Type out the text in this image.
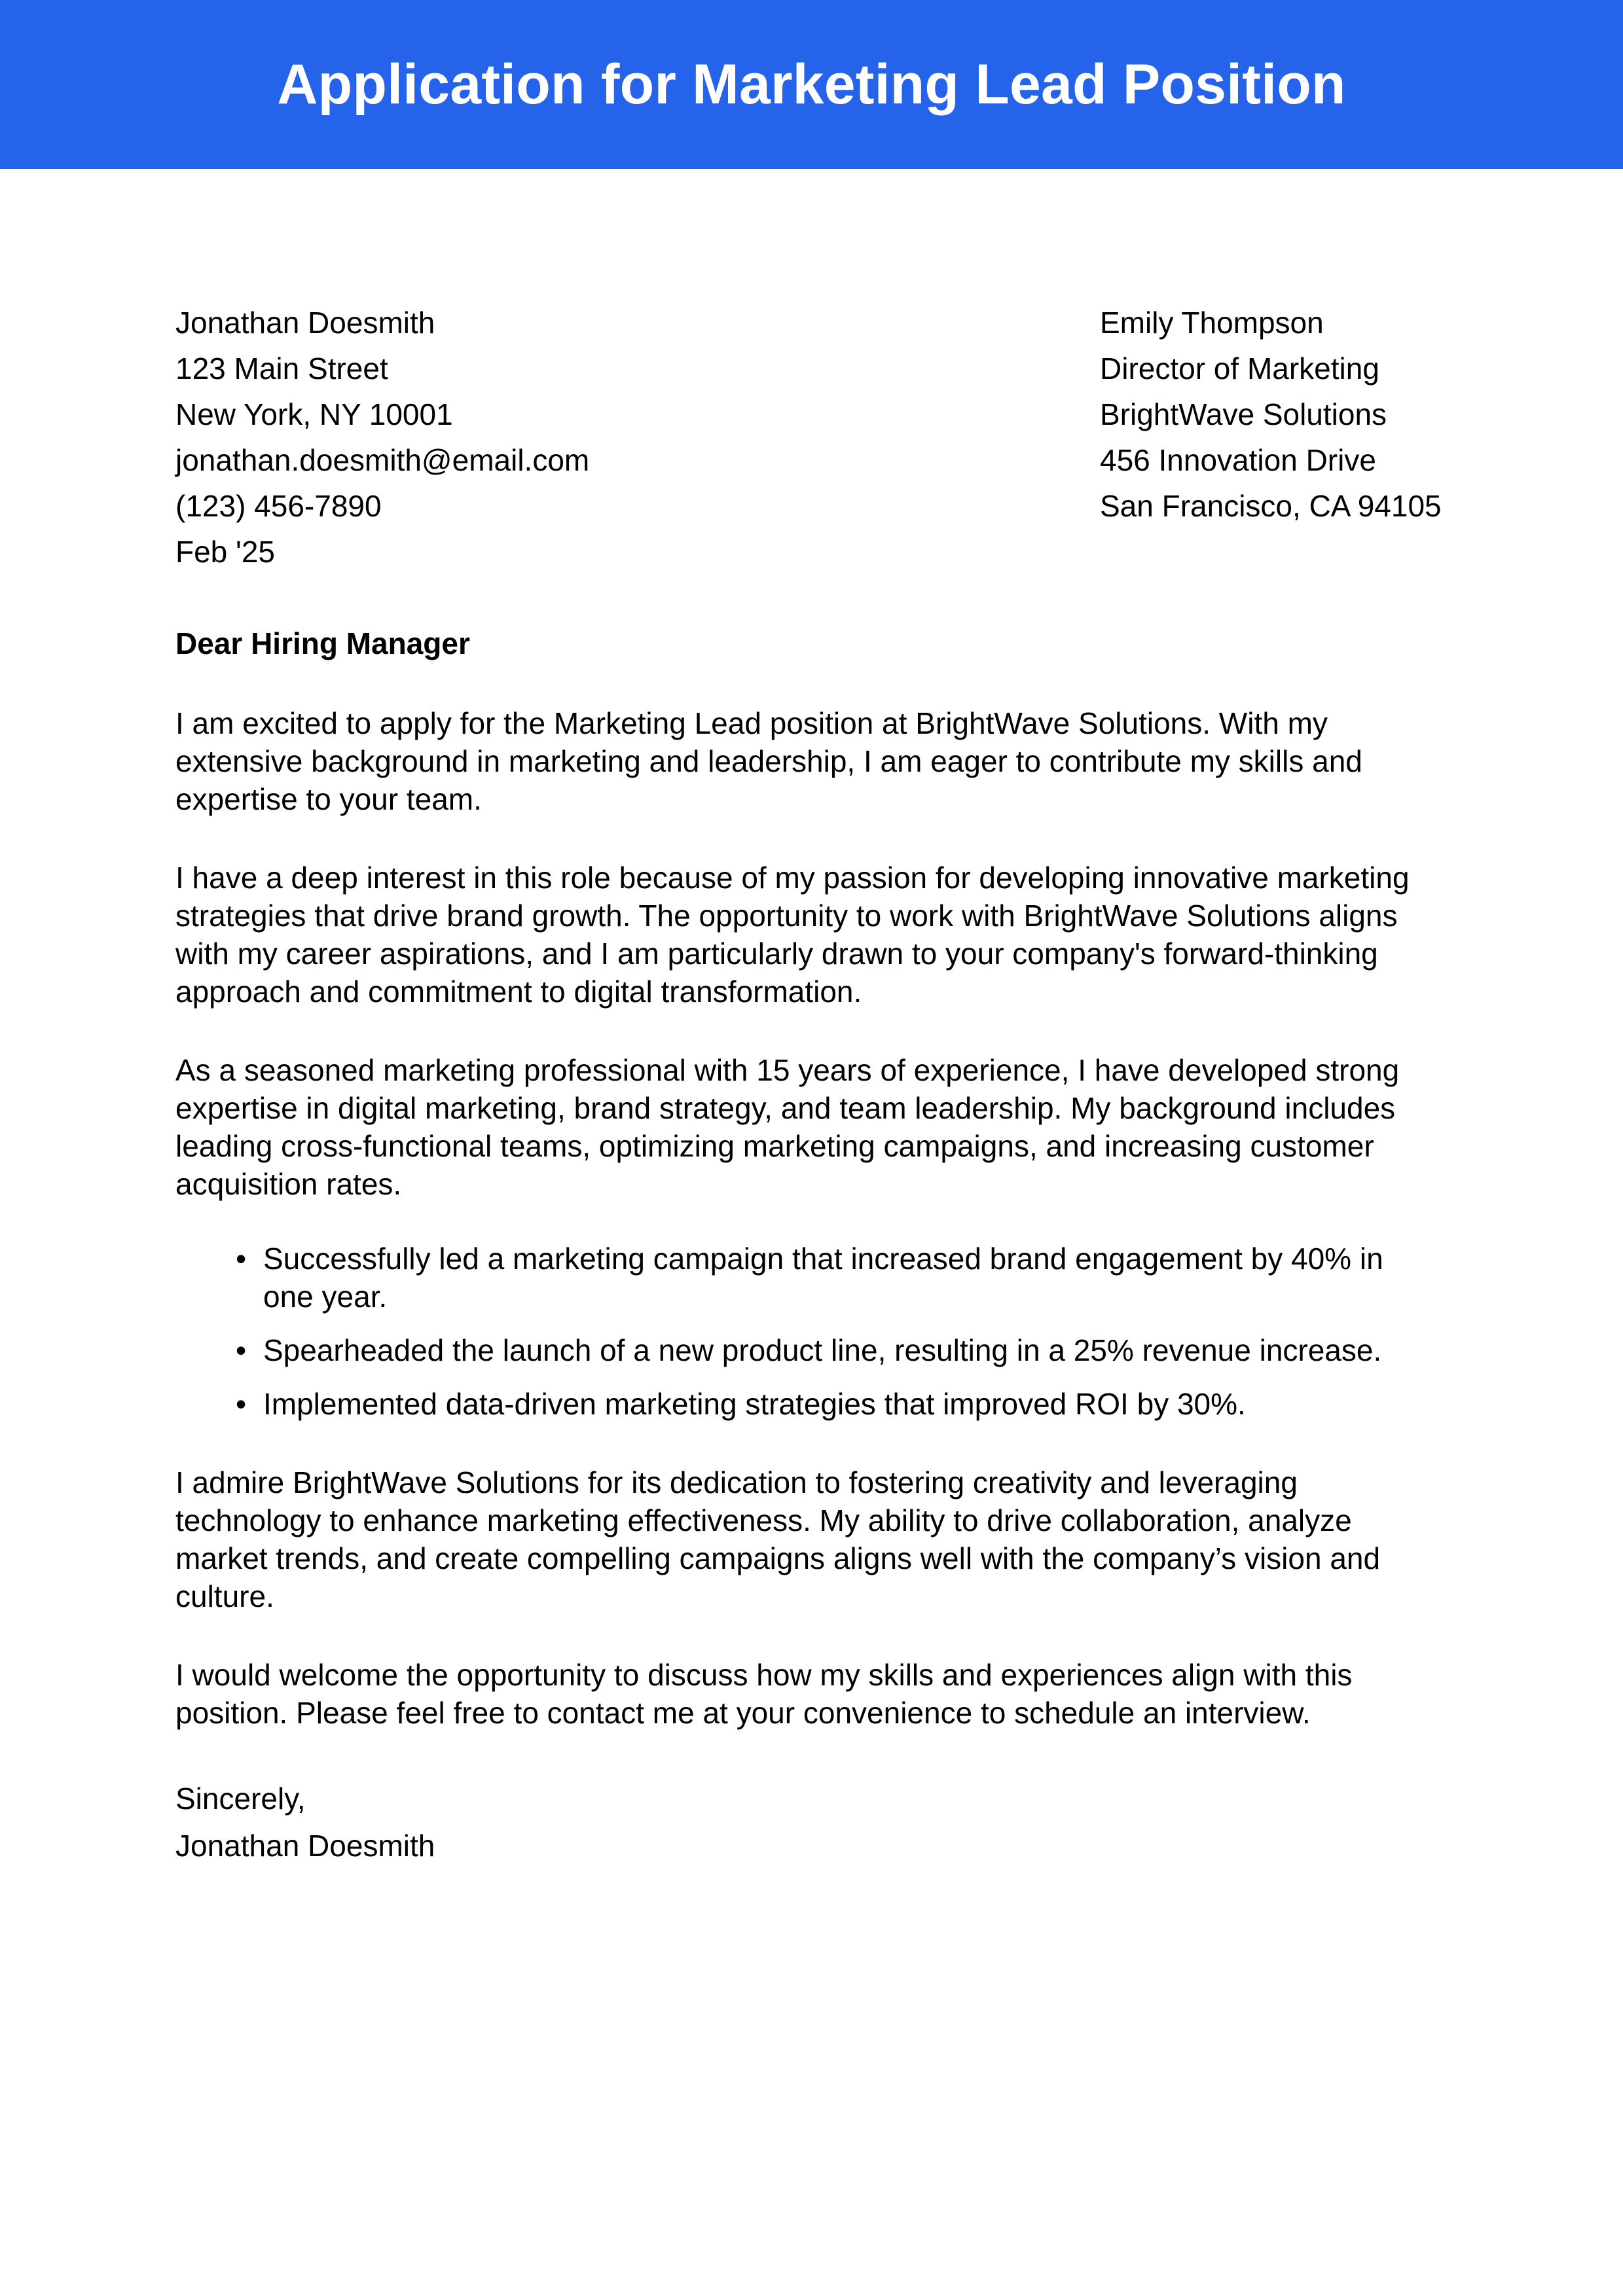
Application for Marketing Lead Position
Jonathan Doesmith
123 Main Street
New York, NY 10001
jonathan.doesmith@email.com
(123) 456-7890
Feb '25
Emily Thompson
Director of Marketing
BrightWave Solutions
456 Innovation Drive
San Francisco, CA 94105
Dear Hiring Manager

I am excited to apply for the Marketing Lead position at BrightWave Solutions. With my extensive background in marketing and leadership, I am eager to contribute my skills and expertise to your team.

I have a deep interest in this role because of my passion for developing innovative marketing strategies that drive brand growth. The opportunity to work with BrightWave Solutions aligns with my career aspirations, and I am particularly drawn to your company's forward-thinking approach and commitment to digital transformation.

As a seasoned marketing professional with 15 years of experience, I have developed strong expertise in digital marketing, brand strategy, and team leadership. My background includes leading cross-functional teams, optimizing marketing campaigns, and increasing customer acquisition rates.

• Successfully led a marketing campaign that increased brand engagement by 40% in one year.
• Spearheaded the launch of a new product line, resulting in a 25% revenue increase.
• Implemented data-driven marketing strategies that improved ROI by 30%.

I admire BrightWave Solutions for its dedication to fostering creativity and leveraging technology to enhance marketing effectiveness. My ability to drive collaboration, analyze market trends, and create compelling campaigns aligns well with the company’s vision and culture.

I would welcome the opportunity to discuss how my skills and experiences align with this position. Please feel free to contact me at your convenience to schedule an interview.

Sincerely,
Jonathan Doesmith
